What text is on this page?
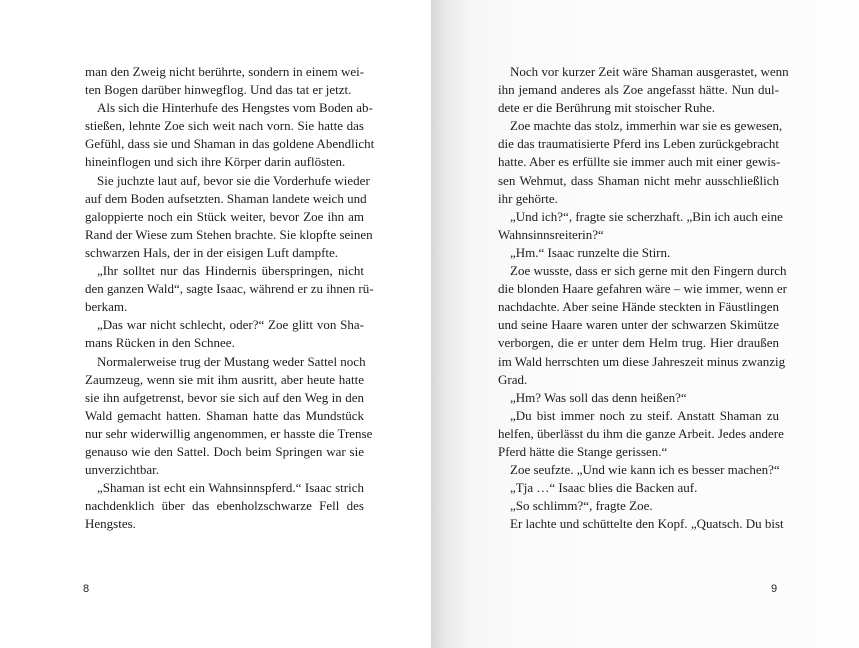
man den Zweig nicht berührte, sondern in einem wei-
ten Bogen darüber hinwegflog. Und das tat er jetzt.
Als sich die Hinterhufe des Hengstes vom Boden ab-
stießen, lehnte Zoe sich weit nach vorn. Sie hatte das
Gefühl, dass sie und Shaman in das goldene Abendlicht
hineinflogen und sich ihre Körper darin auflösten.
Sie juchzte laut auf, bevor sie die Vorderhufe wieder
auf dem Boden aufsetzten. Shaman landete weich und
galoppierte noch ein Stück weiter, bevor Zoe ihn am
Rand der Wiese zum Stehen brachte. Sie klopfte seinen
schwarzen Hals, der in der eisigen Luft dampfte.
„Ihr solltet nur das Hindernis überspringen, nicht
den ganzen Wald“, sagte Isaac, während er zu ihnen rü-
berkam.
„Das war nicht schlecht, oder?“ Zoe glitt von Sha-
mans Rücken in den Schnee.
Normalerweise trug der Mustang weder Sattel noch
Zaumzeug, wenn sie mit ihm ausritt, aber heute hatte
sie ihn aufgetrenst, bevor sie sich auf den Weg in den
Wald gemacht hatten. Shaman hatte das Mundstück
nur sehr widerwillig angenommen, er hasste die Trense
genauso wie den Sattel. Doch beim Springen war sie
unverzichtbar.
„Shaman ist echt ein Wahnsinnspferd.“ Isaac strich
nachdenklich über das ebenholzschwarze Fell des
Hengstes.
8
Noch vor kurzer Zeit wäre Shaman ausgerastet, wenn
ihn jemand anderes als Zoe angefasst hätte. Nun dul-
dete er die Berührung mit stoischer Ruhe.
Zoe machte das stolz, immerhin war sie es gewesen,
die das traumatisierte Pferd ins Leben zurückgebracht
hatte. Aber es erfüllte sie immer auch mit einer gewis-
sen Wehmut, dass Shaman nicht mehr ausschließlich
ihr gehörte.
„Und ich?“, fragte sie scherzhaft. „Bin ich auch eine
Wahnsinnsreiterin?“
„Hm.“ Isaac runzelte die Stirn.
Zoe wusste, dass er sich gerne mit den Fingern durch
die blonden Haare gefahren wäre – wie immer, wenn er
nachdachte. Aber seine Hände steckten in Fäustlingen
und seine Haare waren unter der schwarzen Skimütze
verborgen, die er unter dem Helm trug. Hier draußen
im Wald herrschten um diese Jahreszeit minus zwanzig
Grad.
„Hm? Was soll das denn heißen?“
„Du bist immer noch zu steif. Anstatt Shaman zu
helfen, überlässt du ihm die ganze Arbeit. Jedes andere
Pferd hätte die Stange gerissen.“
Zoe seufzte. „Und wie kann ich es besser machen?“
„Tja …“ Isaac blies die Backen auf.
„So schlimm?“, fragte Zoe.
Er lachte und schüttelte den Kopf. „Quatsch. Du bist
9
